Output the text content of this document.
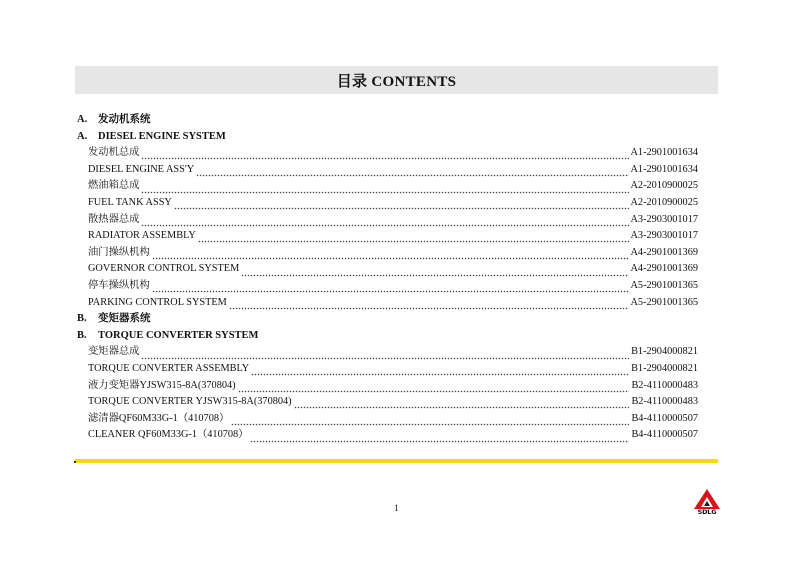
目录 CONTENTS
A.	发动机系统
A.	DIESEL ENGINE SYSTEM
发动机总成	A1-2901001634
DIESEL ENGINE ASS'Y	A1-2901001634
燃油箱总成	A2-2010900025
FUEL TANK ASSY	A2-2010900025
散热器总成	A3-2903001017
RADIATOR ASSEMBLY	A3-2903001017
油门操纵机构	A4-2901001369
GOVERNOR CONTROL SYSTEM	A4-2901001369
停车操纵机构	A5-2901001365
PARKING CONTROL SYSTEM	A5-2901001365
B.	变矩器系统
B.	TORQUE CONVERTER SYSTEM
变矩器总成	B1-2904000821
TORQUE CONVERTER ASSEMBLY	B1-2904000821
液力变矩器YJSW315-8A(370804)	B2-4110000483
TORQUE CONVERTER YJSW315-8A(370804)	B2-4110000483
滤清器QF60M33G-1（410708）	B4-4110000507
CLEANER QF60M33G-1（410708）	B4-4110000507
1	SDLG
